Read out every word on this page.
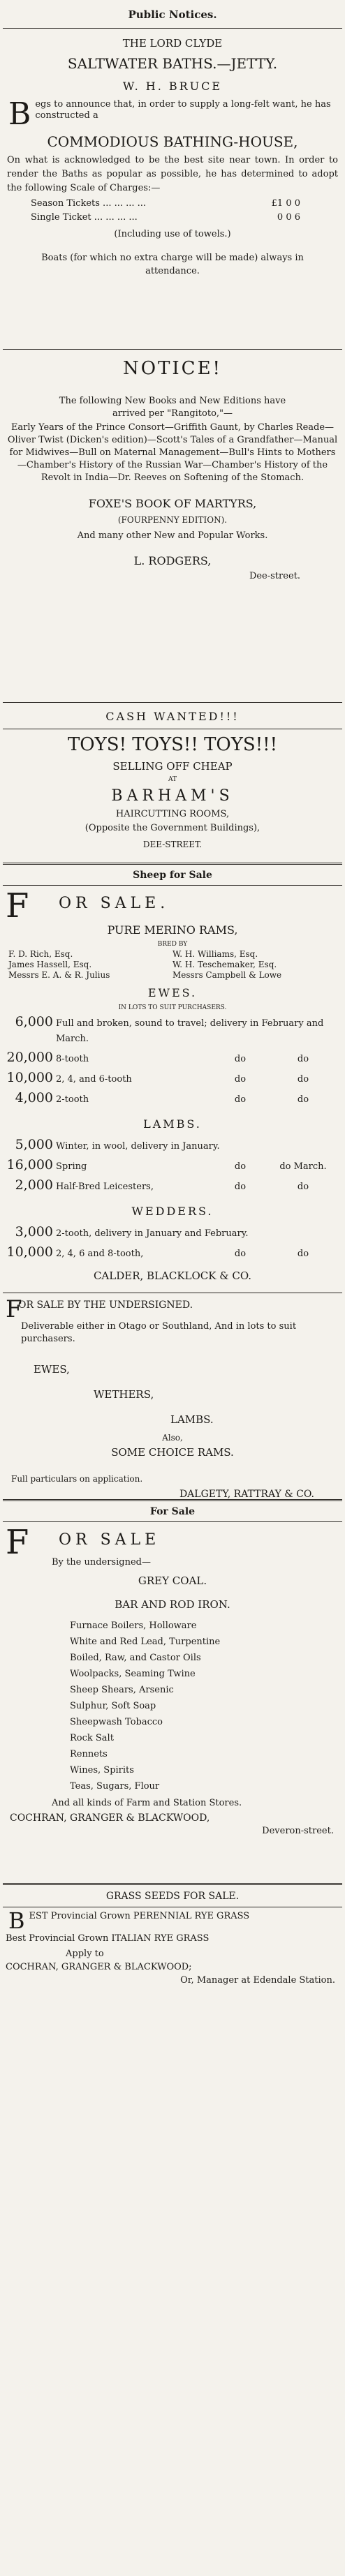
Public Notices.
THE LORD CLYDE
SALTWATER BATHS.—JETTY.
W. H. BRUCE
B egs to announce that, in order to supply a long-felt want, he has constructed a
COMMODIOUS BATHING-HOUSE,
On what is acknowledged to be the best site near town. In order to render the Baths as popular as possible, he has determined to adopt the following Scale of Charges:—
Season Tickets ... ... ... ...	£1 0 0
Single Ticket ... ... ... ...	0 0 6
(Including use of towels.)
Boats (for which no extra charge will be made) always in attendance.
NOTICE!
The following New Books and New Editions have arrived per "Rangitoto,"—
Early Years of the Prince Consort—Griffith Gaunt, by Charles Reade—Oliver Twist (Dicken's edition)—Scott's Tales of a Grandfather—Manual for Midwives—Bull on Maternal Management—Bull's Hints to Mothers—Chamber's History of the Russian War—Chamber's History of the Revolt in India—Dr. Reeves on Softening of the Stomach.
FOXE'S BOOK OF MARTYRS,
(FOURPENNY EDITION).
And many other New and Popular Works.
L. RODGERS,
Dee-street.
CASH WANTED!!!
TOYS! TOYS!! TOYS!!!
SELLING OFF CHEAP
AT
BARHAM'S
HAIRCUTTING ROOMS,
(Opposite the Government Buildings),
DEE-STREET.
Sheep for Sale
F OR SALE.
PURE MERINO RAMS,
BRED BY
F. D. Rich, Esq.	W. H. Williams, Esq.
James Hassell, Esq.	W. H. Teschemaker, Esq.
Messrs E. A. & R. Julius	Messrs Campbell & Lowe
EWES.
IN LOTS TO SUIT PURCHASERS.
6,000 Full and broken, sound to travel; delivery in February and March.
20,000 8-tooth	do	do
10,000 2, 4, and 6-tooth	do	do
4,000 2-tooth	do	do
LAMBS.
5,000 Winter, in wool, delivery in January.
16,000 Spring	do	do March.
2,000 Half-Bred Leicesters,	do	do
WEDDERS.
3,000 2-tooth, delivery in January and February.
10,000 2, 4, 6 and 8-tooth,	do	do
CALDER, BLACKLOCK & CO.
F
OR SALE BY THE UNDERSIGNED.
Deliverable either in Otago or Southland, And in lots to suit purchasers.
EWES,
WETHERS,
LAMBS.
Also,
SOME CHOICE RAMS.
Full particulars on application.
DALGETY, RATTRAY & CO.
For Sale
F OR SALE
By the undersigned—
GREY COAL.
BAR AND ROD IRON.
Furnace Boilers, Holloware
White and Red Lead, Turpentine
Boiled, Raw, and Castor Oils
Woolpacks, Seaming Twine
Sheep Shears, Arsenic
Sulphur, Soft Soap
Sheepwash Tobacco
Rock Salt
Rennets
Wines, Spirits
Teas, Sugars, Flour
And all kinds of Farm and Station Stores.
COCHRAN, GRANGER & BLACKWOOD,
Deveron-street.
GRASS SEEDS FOR SALE.
B EST Provincial Grown PERENNIAL RYE GRASS
Best Provincial Grown ITALIAN RYE GRASS
Apply to
COCHRAN, GRANGER & BLACKWOOD;
Or, Manager at Edendale Station.
